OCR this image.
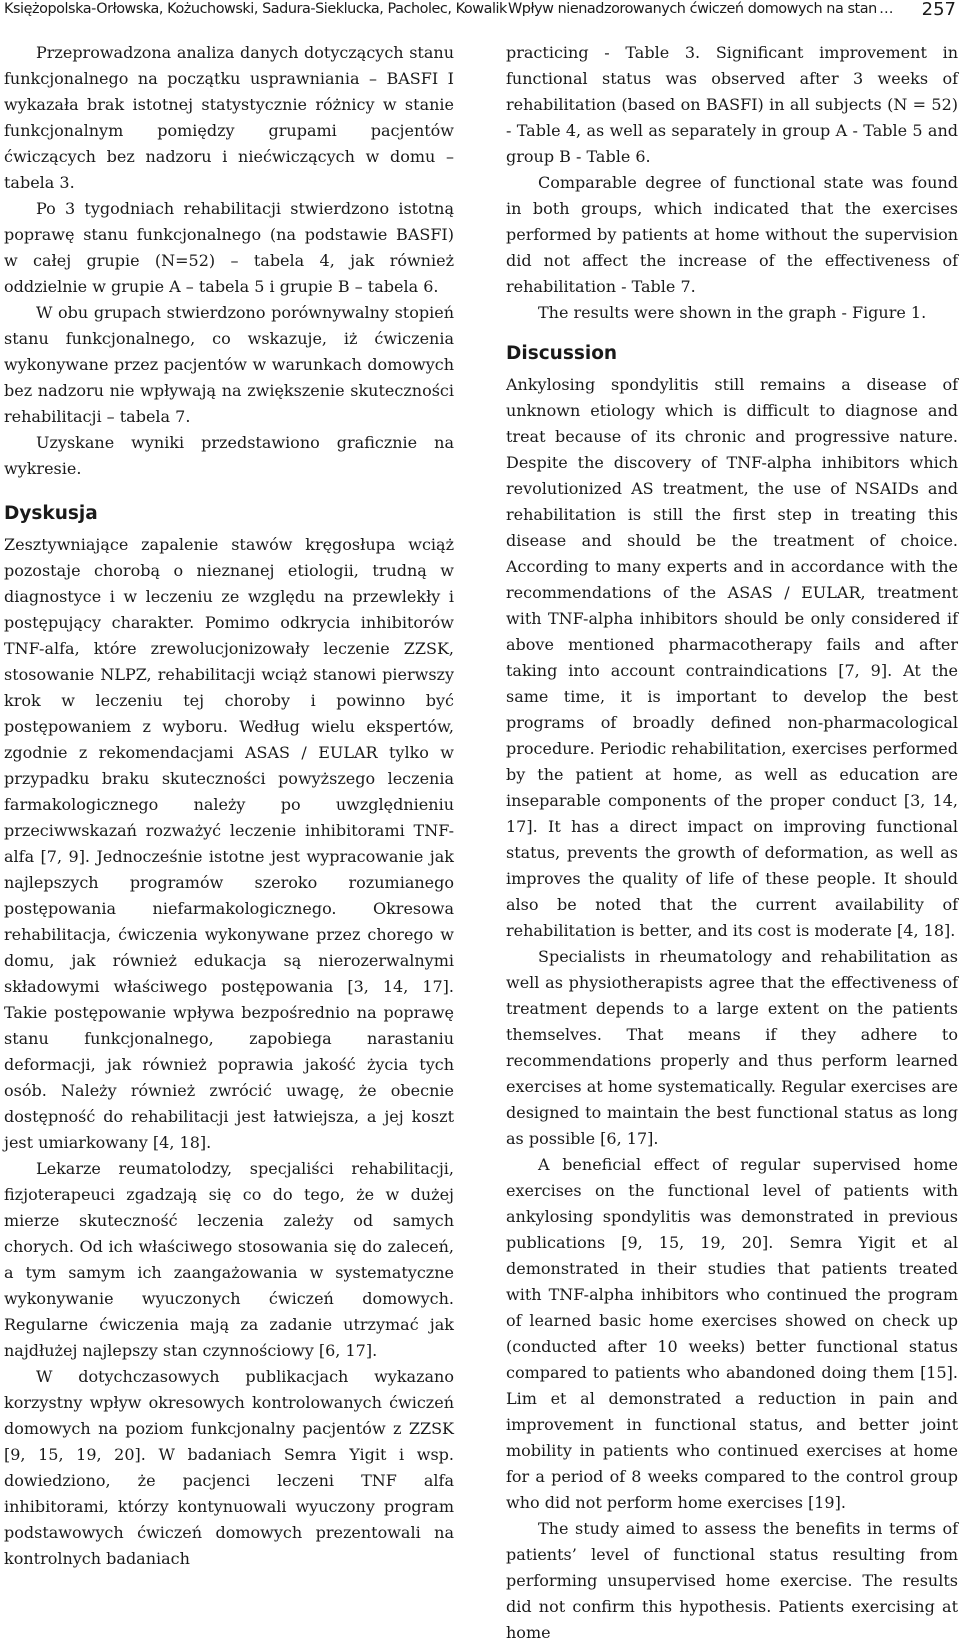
Księżopolska-Orłowska, Kożuchowski, Sadura-Sieklucka, Pacholec, Kowalik Wpływ nienadzorowanych ćwiczeń domowych na stan … 257

Przeprowadzona analiza danych dotyczących stanu funkcjonalnego na początku usprawniania – BASFI I wykazała brak istotnej statystycznie różnicy w stanie funkcjonalnym pomiędzy grupami pacjentów ćwiczących bez nadzoru i niećwiczących w domu – tabela 3.

Po 3 tygodniach rehabilitacji stwierdzono istotną poprawę stanu funkcjonalnego (na podstawie BASFI) w całej grupie (N=52) – tabela 4, jak również oddzielnie w grupie A – tabela 5 i grupie B – tabela 6.

W obu grupach stwierdzono porównywalny stopień stanu funkcjonalnego, co wskazuje, iż ćwiczenia wykonywane przez pacjentów w warunkach domowych bez nadzoru nie wpływają na zwiększenie skuteczności rehabilitacji – tabela 7.

Uzyskane wyniki przedstawiono graficznie na wykresie.

Dyskusja

Zesztywniające zapalenie stawów kręgosłupa wciąż pozostaje chorobą o nieznanej etiologii, trudną w diagnostyce i w leczeniu ze względu na przewlekły i postępujący charakter. Pomimo odkrycia inhibitorów TNF-alfa, które zrewolucjonizowały leczenie ZZSK, stosowanie NLPZ, rehabilitacji wciąż stanowi pierwszy krok w leczeniu tej choroby i powinno być postępowaniem z wyboru. Według wielu ekspertów, zgodnie z rekomendacjami ASAS / EULAR tylko w przypadku braku skuteczności powyższego leczenia farmakologicznego należy po uwzględnieniu przeciwwskazań rozważyć leczenie inhibitorami TNF-alfa [7, 9]. Jednocześnie istotne jest wypracowanie jak najlepszych programów szeroko rozumianego postępowania niefarmakologicznego. Okresowa rehabilitacja, ćwiczenia wykonywane przez chorego w domu, jak również edukacja są nierozerwalnymi składowymi właściwego postępowania [3, 14, 17]. Takie postępowanie wpływa bezpośrednio na poprawę stanu funkcjonalnego, zapobiega narastaniu deformacji, jak również poprawia jakość życia tych osób. Należy również zwrócić uwagę, że obecnie dostępność do rehabilitacji jest łatwiejsza, a jej koszt jest umiarkowany [4, 18].

Lekarze reumatolodzy, specjaliści rehabilitacji, fizjoterapeuci zgadzają się co do tego, że w dużej mierze skuteczność leczenia zależy od samych chorych. Od ich właściwego stosowania się do zaleceń, a tym samym ich zaangażowania w systematyczne wykonywanie wyuczonych ćwiczeń domowych. Regularne ćwiczenia mają za zadanie utrzymać jak najdłużej najlepszy stan czynnościowy [6, 17].

W dotychczasowych publikacjach wykazano korzystny wpływ okresowych kontrolowanych ćwiczeń domowych na poziom funkcjonalny pacjentów z ZZSK [9, 15, 19, 20]. W badaniach Semra Yigit i wsp. dowiedziono, że pacjenci leczeni TNF alfa inhibitorami, którzy kontynuowali wyuczony program podstawowych ćwiczeń domowych prezentowali na kontrolnych badaniach

practicing - Table 3. Significant improvement in functional status was observed after 3 weeks of rehabilitation (based on BASFI) in all subjects (N = 52) - Table 4, as well as separately in group A - Table 5 and group B - Table 6.

Comparable degree of functional state was found in both groups, which indicated that the exercises performed by patients at home without the supervision did not affect the increase of the effectiveness of rehabilitation - Table 7.

The results were shown in the graph - Figure 1.

Discussion

Ankylosing spondylitis still remains a disease of unknown etiology which is difficult to diagnose and treat because of its chronic and progressive nature. Despite the discovery of TNF-alpha inhibitors which revolutionized AS treatment, the use of NSAIDs and rehabilitation is still the first step in treating this disease and should be the treatment of choice. According to many experts and in accordance with the recommendations of the ASAS / EULAR, treatment with TNF-alpha inhibitors should be only considered if above mentioned pharmacotherapy fails and after taking into account contraindications [7, 9]. At the same time, it is important to develop the best programs of broadly defined non-pharmacological procedure. Periodic rehabilitation, exercises performed by the patient at home, as well as education are inseparable components of the proper conduct [3, 14, 17]. It has a direct impact on improving functional status, prevents the growth of deformation, as well as improves the quality of life of these people. It should also be noted that the current availability of rehabilitation is better, and its cost is moderate [4, 18].

Specialists in rheumatology and rehabilitation as well as physiotherapists agree that the effectiveness of treatment depends to a large extent on the patients themselves. That means if they adhere to recommendations properly and thus perform learned exercises at home systematically. Regular exercises are designed to maintain the best functional status as long as possible [6, 17].

A beneficial effect of regular supervised home exercises on the functional level of patients with ankylosing spondylitis was demonstrated in previous publications [9, 15, 19, 20]. Semra Yigit et al demonstrated in their studies that patients treated with TNF-alpha inhibitors who continued the program of learned basic home exercises showed on check up (conducted after 10 weeks) better functional status compared to patients who abandoned doing them [15]. Lim et al demonstrated a reduction in pain and improvement in functional status, and better joint mobility in patients who continued exercises at home for a period of 8 weeks compared to the control group who did not perform home exercises [19].

The study aimed to assess the benefits in terms of patients’ level of functional status resulting from performing unsupervised home exercise. The results did not confirm this hypothesis. Patients exercising at home
